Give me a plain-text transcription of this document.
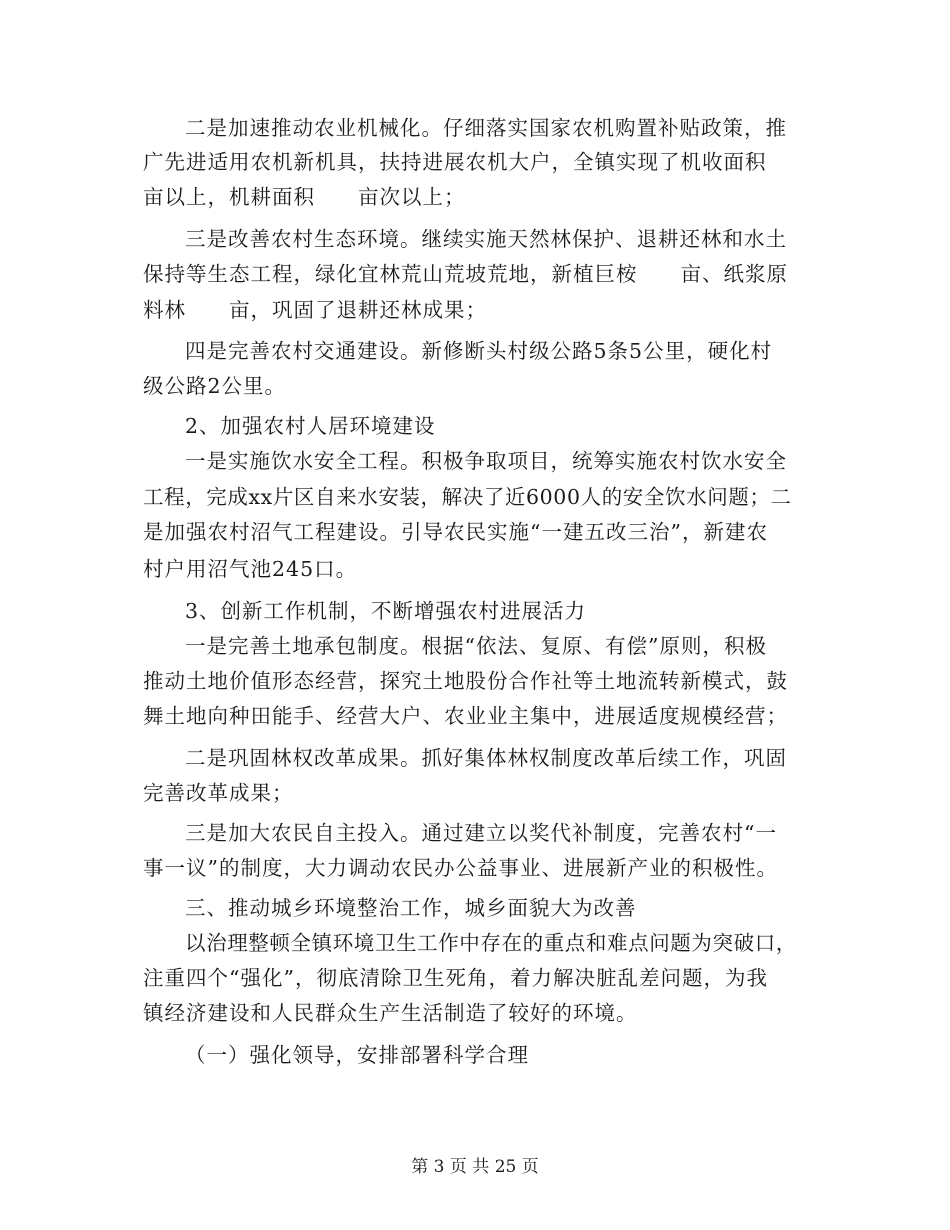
二是加速推动农业机械化。仔细落实国家农机购置补贴政策，推
广先进适用农机新机具，扶持进展农机大户，全镇实现了机收面积
亩以上，机耕面积　　亩次以上；
三是改善农村生态环境。继续实施天然林保护、退耕还林和水土
保持等生态工程，绿化宜林荒山荒坡荒地，新植巨桉　　亩、纸浆原
料林　　亩，巩固了退耕还林成果；
四是完善农村交通建设。新修断头村级公路5条5公里，硬化村
级公路2公里。
2、加强农村人居环境建设
一是实施饮水安全工程。积极争取项目，统筹实施农村饮水安全
工程，完成xx片区自来水安装，解决了近6000人的安全饮水问题；二
是加强农村沼气工程建设。引导农民实施“一建五改三治”，新建农
村户用沼气池245口。
3、创新工作机制，不断增强农村进展活力
一是完善土地承包制度。根据“依法、复原、有偿”原则，积极
推动土地价值形态经营，探究土地股份合作社等土地流转新模式，鼓
舞土地向种田能手、经营大户、农业业主集中，进展适度规模经营；
二是巩固林权改革成果。抓好集体林权制度改革后续工作，巩固
完善改革成果；
三是加大农民自主投入。通过建立以奖代补制度，完善农村“一
事一议”的制度，大力调动农民办公益事业、进展新产业的积极性。
三、推动城乡环境整治工作，城乡面貌大为改善
以治理整顿全镇环境卫生工作中存在的重点和难点问题为突破口，
注重四个“强化”，彻底清除卫生死角，着力解决脏乱差问题，为我
镇经济建设和人民群众生产生活制造了较好的环境。
（一）强化领导，安排部署科学合理
第 3 页 共 25 页
